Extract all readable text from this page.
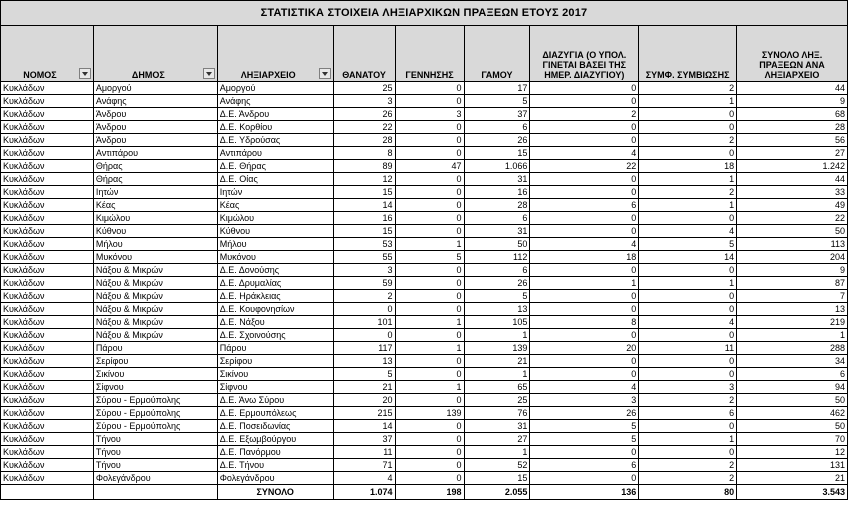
ΣΤΑΤΙΣΤΙΚΑ ΣΤΟΙΧΕΙΑ ΛΗΞΙΑΡΧΙΚΩΝ ΠΡΑΞΕΩΝ ΕΤΟΥΣ 2017								
ΝΟΜΟΣ	ΔΗΜΟΣ	ΛΗΞΙΑΡΧΕΙΟ	ΘΑΝΑΤΟΥ	ΓΕΝΝΗΣΗΣ	ΓΑΜΟΥ	ΔΙΑΖΥΓΙΑ (Ο ΥΠΟΛ. ΓΙΝΕΤΑΙ ΒΑΣΕΙ ΤΗΣ ΗΜΕΡ. ΔΙΑΖΥΓΙΟΥ)	ΣΥΜΦ. ΣΥΜΒΙΩΣΗΣ	ΣΥΝΟΛΟ ΛΗΞ. ΠΡΑΞΕΩΝ ΑΝΑ ΛΗΞΙΑΡΧΕΙΟ
Κυκλάδων	Αμοργού	Αμοργού	25	0	17	0	2	44
Κυκλάδων	Ανάφης	Ανάφης	3	0	5	0	1	9
Κυκλάδων	Άνδρου	Δ.Ε. Άνδρου	26	3	37	2	0	68
Κυκλάδων	Άνδρου	Δ.Ε. Κορθίου	22	0	6	0	0	28
Κυκλάδων	Άνδρου	Δ.Ε. Υδρούσας	28	0	26	0	2	56
Κυκλάδων	Αντιπάρου	Αντιπάρου	8	0	15	4	0	27
Κυκλάδων	Θήρας	Δ.Ε. Θήρας	89	47	1.066	22	18	1.242
Κυκλάδων	Θήρας	Δ.Ε. Οίας	12	0	31	0	1	44
Κυκλάδων	Ιητών	Ιητών	15	0	16	0	2	33
Κυκλάδων	Κέας	Κέας	14	0	28	6	1	49
Κυκλάδων	Κιμώλου	Κιμώλου	16	0	6	0	0	22
Κυκλάδων	Κύθνου	Κύθνου	15	0	31	0	4	50
Κυκλάδων	Μήλου	Μήλου	53	1	50	4	5	113
Κυκλάδων	Μυκόνου	Μυκόνου	55	5	112	18	14	204
Κυκλάδων	Νάξου & Μικρών	Δ.Ε. Δονούσης	3	0	6	0	0	9
Κυκλάδων	Νάξου & Μικρών	Δ.Ε. Δρυμαλίας	59	0	26	1	1	87
Κυκλάδων	Νάξου & Μικρών	Δ.Ε. Ηράκλειας	2	0	5	0	0	7
Κυκλάδων	Νάξου & Μικρών	Δ.Ε. Κουφονησίων	0	0	13	0	0	13
Κυκλάδων	Νάξου & Μικρών	Δ.Ε. Νάξου	101	1	105	8	4	219
Κυκλάδων	Νάξου & Μικρών	Δ.Ε. Σχοινούσης	0	0	1	0	0	1
Κυκλάδων	Πάρου	Πάρου	117	1	139	20	11	288
Κυκλάδων	Σερίφου	Σερίφου	13	0	21	0	0	34
Κυκλάδων	Σικίνου	Σικίνου	5	0	1	0	0	6
Κυκλάδων	Σίφνου	Σίφνου	21	1	65	4	3	94
Κυκλάδων	Σύρου - Ερμούπολης	Δ.Ε. Άνω Σύρου	20	0	25	3	2	50
Κυκλάδων	Σύρου - Ερμούπολης	Δ.Ε. Ερμουπόλεως	215	139	76	26	6	462
Κυκλάδων	Σύρου - Ερμούπολης	Δ.Ε. Ποσειδωνίας	14	0	31	5	0	50
Κυκλάδων	Τήνου	Δ.Ε. Εξωμβούργου	37	0	27	5	1	70
Κυκλάδων	Τήνου	Δ.Ε. Πανόρμου	11	0	1	0	0	12
Κυκλάδων	Τήνου	Δ.Ε. Τήνου	71	0	52	6	2	131
Κυκλάδων	Φολεγάνδρου	Φολεγάνδρου	4	0	15	0	2	21
		ΣΥΝΟΛΟ	1.074	198	2.055	136	80	3.543
